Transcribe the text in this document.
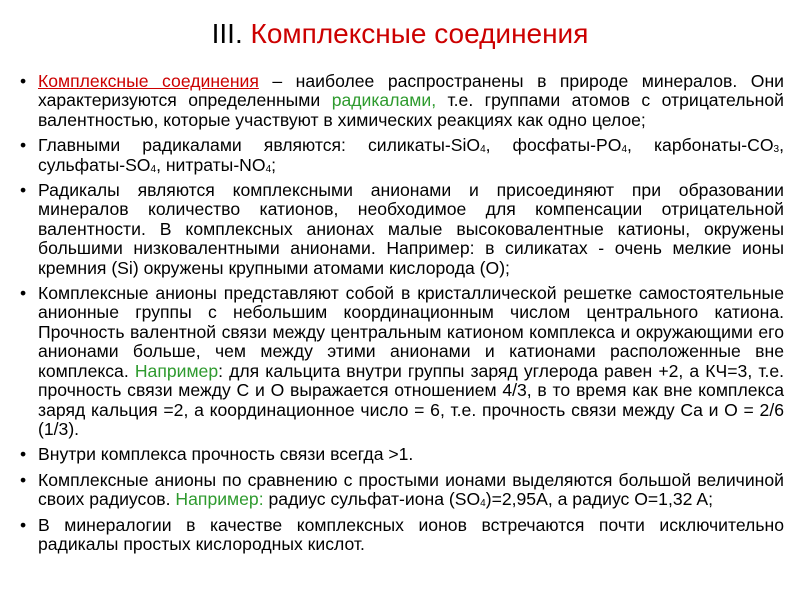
III. Комплексные соединения
• Комплексные соединения – наиболее распространены в природе минералов. Они характеризуются определенными радикалами, т.е. группами атомов с отрицательной валентностью, которые участвуют в химических реакциях как одно целое;
• Главными радикалами являются: силикаты-SiO$_4$, фосфаты-$PO_4$, карбонаты-$CO_3$, сульфаты-$SO_4$, нитраты-$NO_4$;
• Радикалы являются комплексными анионами и присоединяют при образовании минералов количество катионов, необходимое для компенсации отрицательной валентности. В комплексных анионах малые высоковалентные катионы, окружены большими низковалентными анионами. Например: в силикатах - очень мелкие ионы кремния (Si) окружены крупными атомами кислорода (O);
• Комплексные анионы представляют собой в кристаллической решетке самостоятельные анионные группы с небольшим координационным числом центрального катиона. Прочность валентной связи между центральным катионом комплекса и окружающими его анионами больше, чем между этими анионами и катионами расположенные вне комплекса. Например: для кальцита внутри группы заряд углерода равен +2, а КЧ=3, т.е. прочность связи между C и O выражается отношением 4/3, в то время как вне комплекса заряд кальция =2, а координационное число = 6, т.е. прочность связи между Ca и O = 2/6 (1/3).
• Внутри комплекса прочность связи всегда >1.
• Комплексные анионы по сравнению с простыми ионами выделяются большой величиной своих радиусов. Например: радиус сульфат-иона $(SO_4)=2,95A$, а радиус O=1,32 A;
• В минералогии в качестве комплексных ионов встречаются почти исключительно радикалы простых кислородных кислот.
